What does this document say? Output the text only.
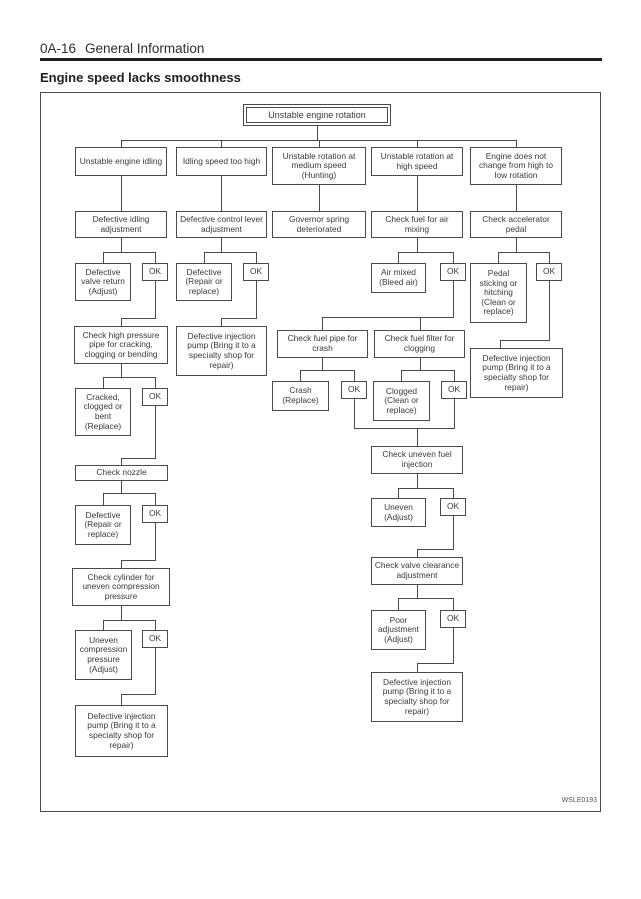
0A-16 General Information
Engine speed lacks smoothness
Unstable engine rotation
Unstable engine idling	Idling speed too high
Unstable rotation at medium speed (Hunting)
Unstable rotation at high speed
Engine does not change from high to low rotation
Defective idling adjustment
Defective control lever adjustment
Governor spring deteriorated
Check fuel for air mixing
Check accelerator pedal
Defective valve return (Adjust)
OK	Defective (Repair or replace)
OK	Air mixed (Bleed air)
OK	Pedal sticking or hitching (Clean or replace)
OK
Check high pressure pipe for cracking, clogging or bending
Defective injection pump (Bring it to a specialty shop for repair)
Check fuel pipe for crash
Check fuel filter for clogging
Defective injection pump (Bring it to a specialty shop for repair)
Cracked, clogged or bent (Replace)
OK
Crash (Replace)
OK	Clogged (Clean or replace)
OK
Check nozzle
Check uneven fuel injection
Defective (Repair or replace)
OK
Uneven (Adjust)
OK
Check cylinder for uneven compression pressure
Check valve clearance adjustment
Uneven compression pressure (Adjust)
OK
Poor adjustment (Adjust)
OK
Defective injection pump (Bring it to a specialty shop for repair)
Defective injection pump (Bring it to a specialty shop for repair)
WSLE0193
